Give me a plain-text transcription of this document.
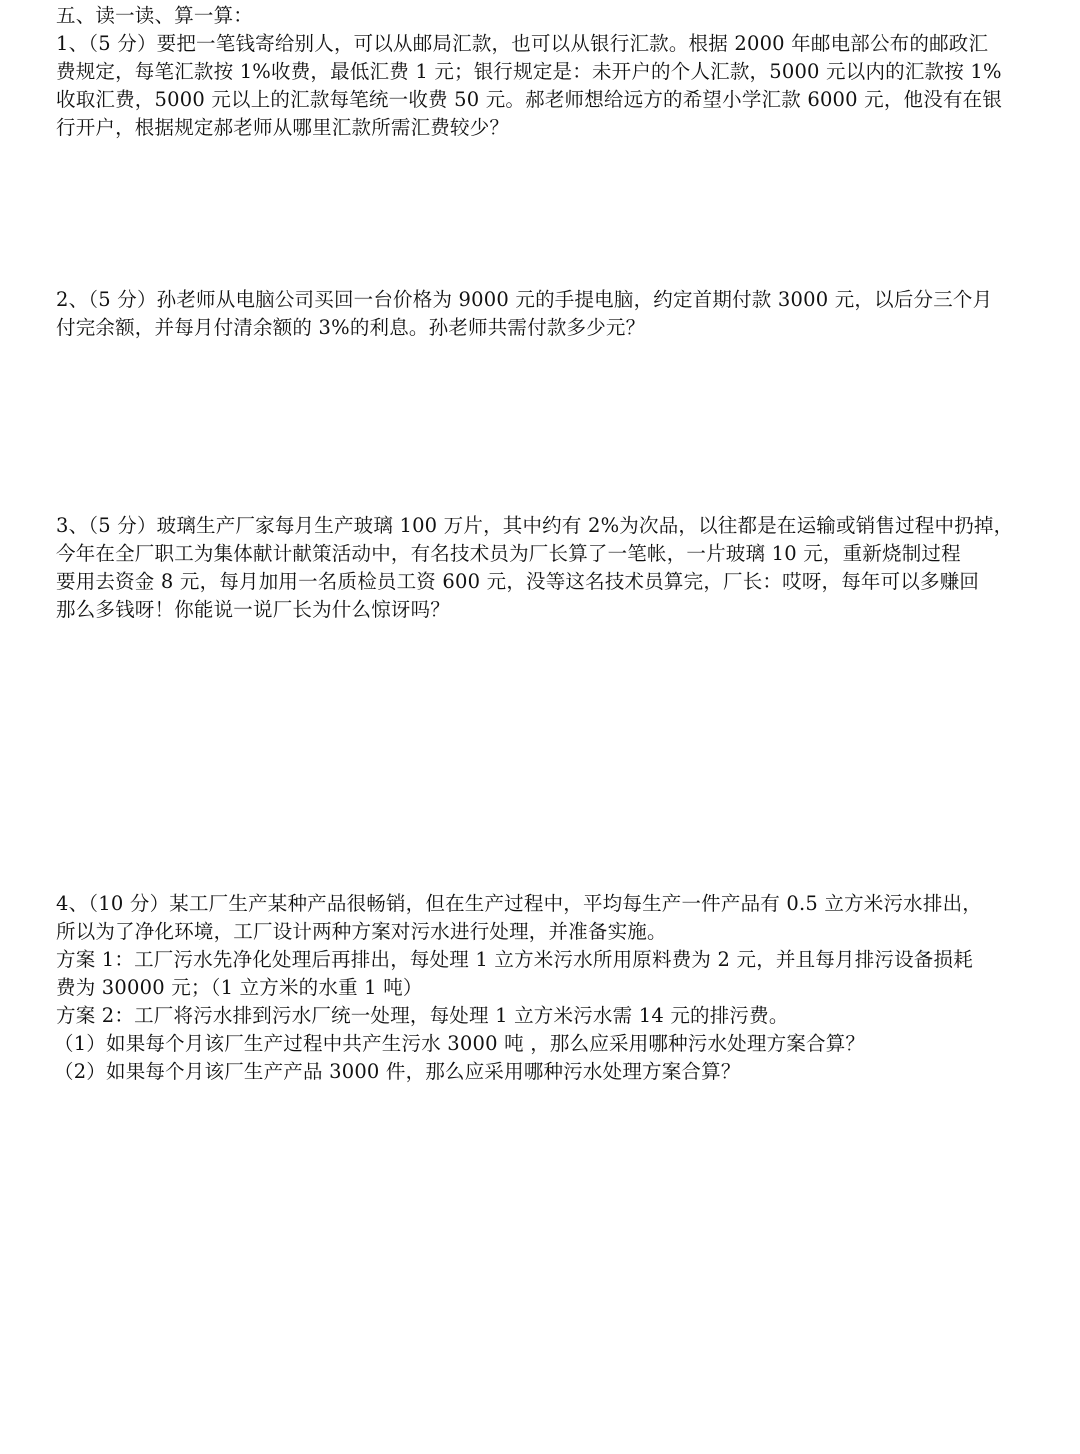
五、读一读、算一算：
1、（5 分）要把一笔钱寄给别人，可以从邮局汇款，也可以从银行汇款。根据 2000 年邮电部公布的邮政汇
费规定，每笔汇款按 1%收费，最低汇费 1 元；银行规定是：未开户的个人汇款，5000 元以内的汇款按 1%
收取汇费，5000 元以上的汇款每笔统一收费 50 元。郝老师想给远方的希望小学汇款 6000 元，他没有在银
行开户，根据规定郝老师从哪里汇款所需汇费较少？
2、（5 分）孙老师从电脑公司买回一台价格为 9000 元的手提电脑，约定首期付款 3000 元，以后分三个月
付完余额，并每月付清余额的 3%的利息。孙老师共需付款多少元？
3、（5 分）玻璃生产厂家每月生产玻璃 100 万片，其中约有 2%为次品，以往都是在运输或销售过程中扔掉，
今年在全厂职工为集体献计献策活动中，有名技术员为厂长算了一笔帐，一片玻璃 10 元，重新烧制过程
要用去资金 8 元，每月加用一名质检员工资 600 元，没等这名技术员算完，厂长：哎呀，每年可以多赚回
那么多钱呀！你能说一说厂长为什么惊讶吗？
4、（10 分）某工厂生产某种产品很畅销，但在生产过程中，平均每生产一件产品有 0.5 立方米污水排出，
所以为了净化环境，工厂设计两种方案对污水进行处理，并准备实施。
方案 1：工厂污水先净化处理后再排出，每处理 1 立方米污水所用原料费为 2 元，并且每月排污设备损耗
费为 30000 元；（1 立方米的水重 1 吨）
方案 2：工厂将污水排到污水厂统一处理，每处理 1 立方米污水需 14 元的排污费。
（1）如果每个月该厂生产过程中共产生污水 3000 吨 ，那么应采用哪种污水处理方案合算？
（2）如果每个月该厂生产产品 3000 件，那么应采用哪种污水处理方案合算？
